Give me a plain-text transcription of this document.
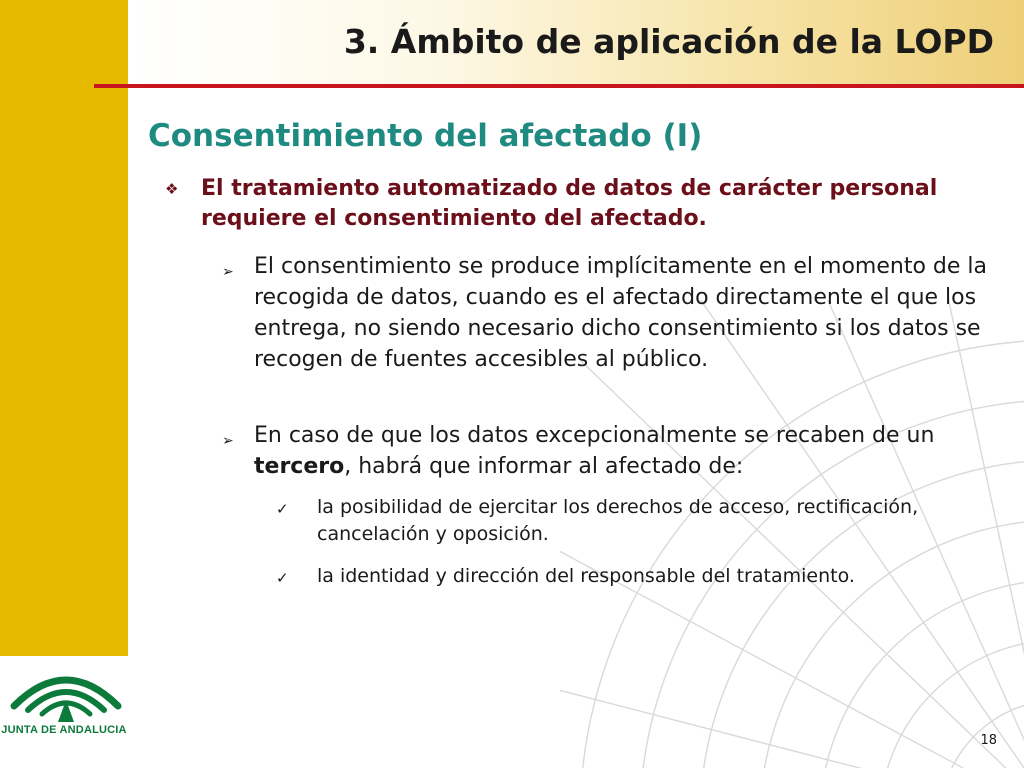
3. Ámbito de aplicación de la LOPD
Consentimiento del afectado (I)
❖	El tratamiento automatizado de datos de carácter personal requiere el consentimiento del afectado.
➢ El consentimiento se produce implícitamente en el momento de la recogida de datos, cuando es el afectado directamente el que los entrega, no siendo necesario dicho consentimiento si los datos se recogen de fuentes accesibles al público.
➢ En caso de que los datos excepcionalmente se recaben de un tercero, habrá que informar al afectado de:
✓	la posibilidad de ejercitar los derechos de acceso, rectificación, cancelación y oposición.
✓	la identidad y dirección del responsable del tratamiento.
JUNTA DE ANDALUCIA
18
